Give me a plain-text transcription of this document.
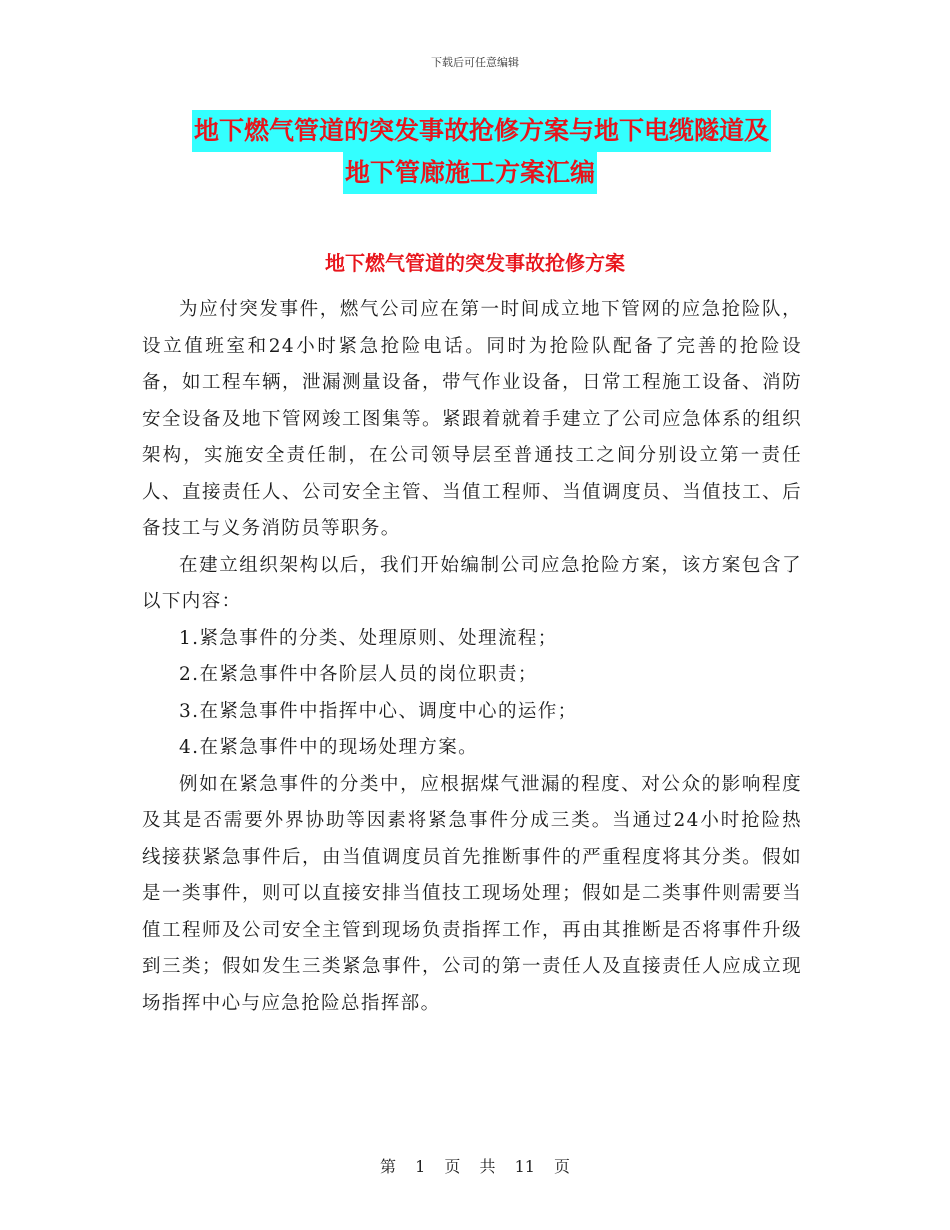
下载后可任意编辑
地下燃气管道的突发事故抢修方案与地下电缆隧道及
地下管廊施工方案汇编
地下燃气管道的突发事故抢修方案

为应付突发事件，燃气公司应在第一时间成立地下管网的应急抢险队，设立值班室和24小时紧急抢险电话。同时为抢险队配备了完善的抢险设备，如工程车辆，泄漏测量设备，带气作业设备，日常工程施工设备、消防安全设备及地下管网竣工图集等。紧跟着就着手建立了公司应急体系的组织架构，实施安全责任制，在公司领导层至普通技工之间分别设立第一责任人、直接责任人、公司安全主管、当值工程师、当值调度员、当值技工、后备技工与义务消防员等职务。

在建立组织架构以后，我们开始编制公司应急抢险方案，该方案包含了以下内容：

1.紧急事件的分类、处理原则、处理流程；
2.在紧急事件中各阶层人员的岗位职责；
3.在紧急事件中指挥中心、调度中心的运作；
4.在紧急事件中的现场处理方案。

例如在紧急事件的分类中，应根据煤气泄漏的程度、对公众的影响程度及其是否需要外界协助等因素将紧急事件分成三类。当通过24小时抢险热线接获紧急事件后，由当值调度员首先推断事件的严重程度将其分类。假如是一类事件，则可以直接安排当值技工现场处理；假如是二类事件则需要当值工程师及公司安全主管到现场负责指挥工作，再由其推断是否将事件升级到三类；假如发生三类紧急事件，公司的第一责任人及直接责任人应成立现场指挥中心与应急抢险总指挥部。

第 1 页 共 11 页
